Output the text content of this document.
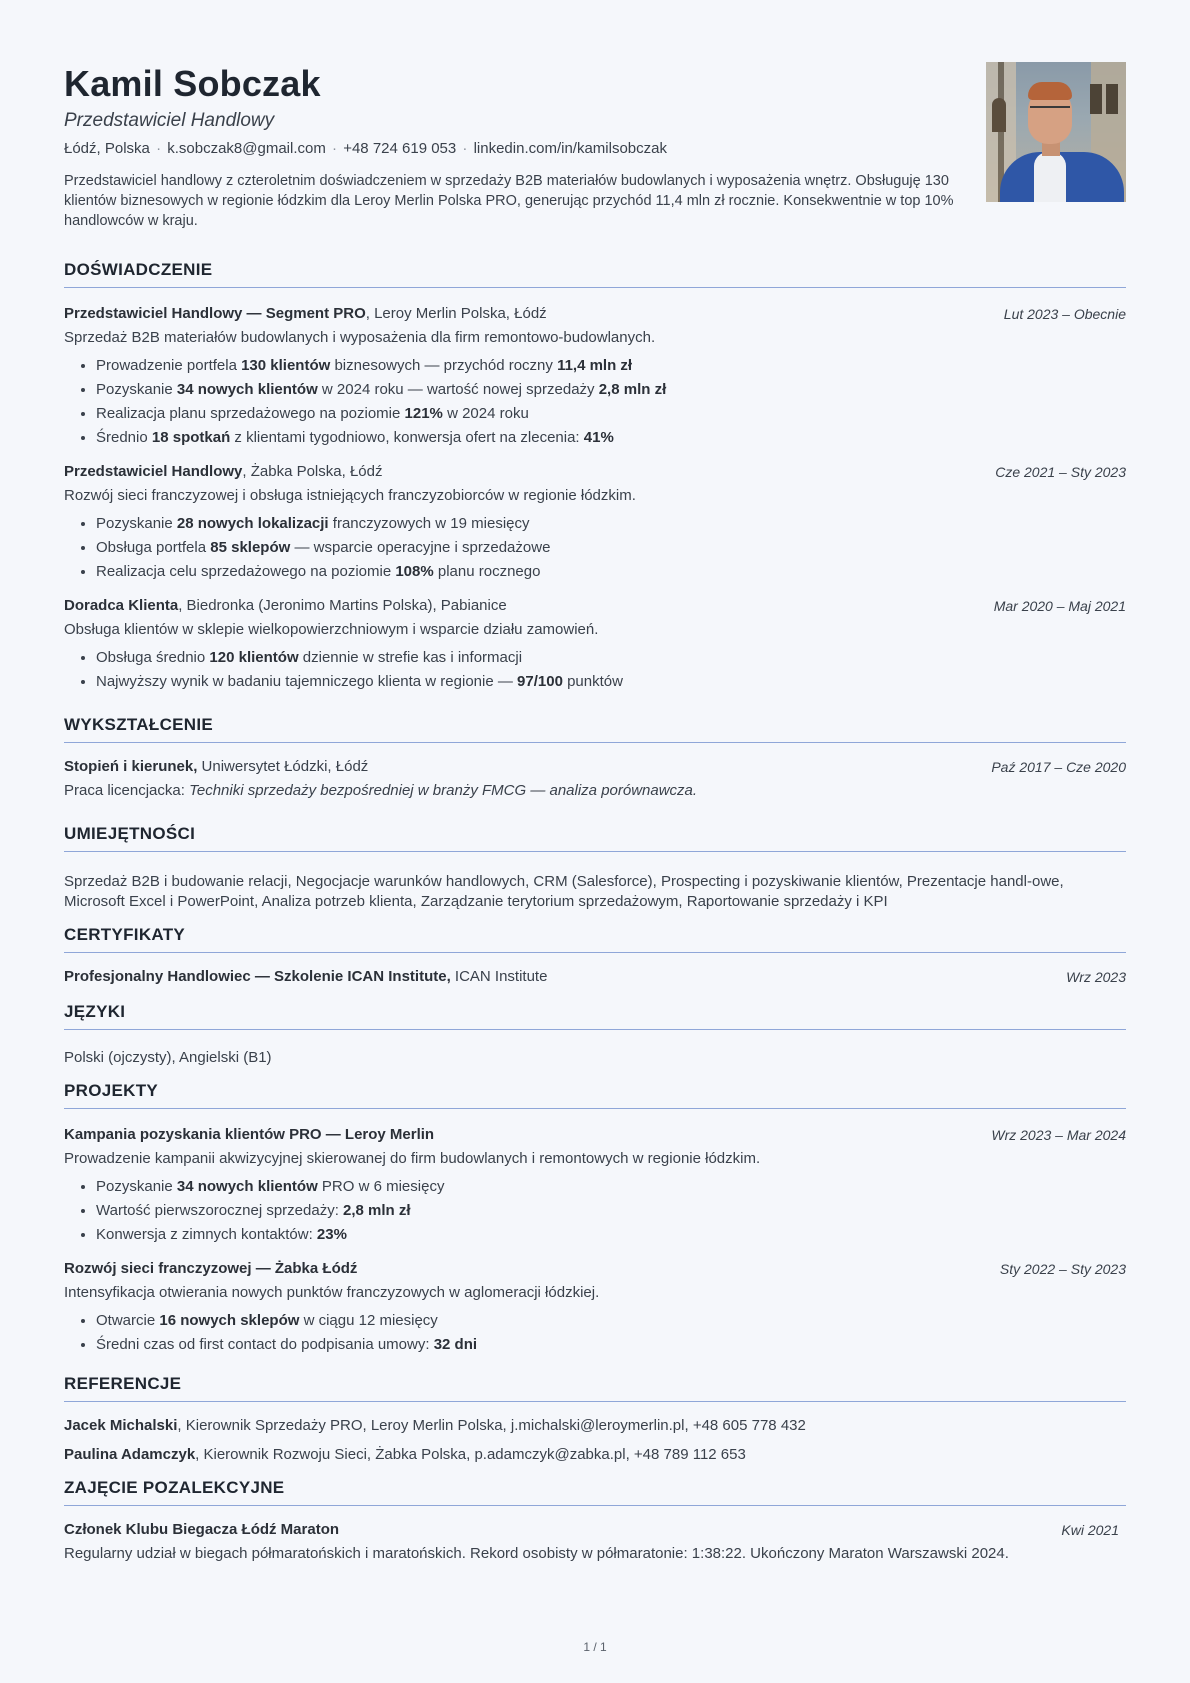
Kamil Sobczak
Przedstawiciel Handlowy
Łódź, Polska · k.sobczak8@gmail.com · +48 724 619 053 · linkedin.com/in/kamilsobczak
Przedstawiciel handlowy z czteroletnim doświadczeniem w sprzedaży B2B materiałów budowlanych i wyposażenia wnętrz. Obsługuję 130 klientów biznesowych w regionie łódzkim dla Leroy Merlin Polska PRO, generując przychód 11,4 mln zł rocznie. Konsekwentnie w top 10% handlowców w kraju.
DOŚWIADCZENIE
Przedstawiciel Handlowy — Segment PRO, Leroy Merlin Polska, Łódź	Lut 2023 – Obecnie
Sprzedaż B2B materiałów budowlanych i wyposażenia dla firm remontowo-budowlanych.
• Prowadzenie portfela 130 klientów biznesowych — przychód roczny 11,4 mln zł
• Pozyskanie 34 nowych klientów w 2024 roku — wartość nowej sprzedaży 2,8 mln zł
• Realizacja planu sprzedażowego na poziomie 121% w 2024 roku
• Średnio 18 spotkań z klientami tygodniowo, konwersja ofert na zlecenia: 41%
Przedstawiciel Handlowy, Żabka Polska, Łódź	Cze 2021 – Sty 2023
Rozwój sieci franczyzowej i obsługa istniejących franczyzobiorców w regionie łódzkim.
• Pozyskanie 28 nowych lokalizacji franczyzowych w 19 miesięcy
• Obsługa portfela 85 sklepów — wsparcie operacyjne i sprzedażowe
• Realizacja celu sprzedażowego na poziomie 108% planu rocznego
Doradca Klienta, Biedronka (Jeronimo Martins Polska), Pabianice	Mar 2020 – Maj 2021
Obsługa klientów w sklepie wielkopowierzchniowym i wsparcie działu zamowień.
• Obsługa średnio 120 klientów dziennie w strefie kas i informacji
• Najwyższy wynik w badaniu tajemniczego klienta w regionie — 97/100 punktów
WYKSZTAŁCENIE
Stopień i kierunek, Uniwersytet Łódzki, Łódź	Paź 2017 – Cze 2020
Praca licencjacka: Techniki sprzedaży bezpośredniej w branży FMCG — analiza porównawcza.
UMIEJĘTNOŚCI
Sprzedaż B2B i budowanie relacji, Negocjacje warunków handlowych, CRM (Salesforce), Prospecting i pozyskiwanie klientów, Prezentacje handl-owe, Microsoft Excel i PowerPoint, Analiza potrzeb klienta, Zarządzanie terytorium sprzedażowym, Raportowanie sprzedaży i KPI
CERTYFIKATY
Profesjonalny Handlowiec — Szkolenie ICAN Institute, ICAN Institute	Wrz 2023
JĘZYKI
Polski (ojczysty), Angielski (B1)
PROJEKTY
Kampania pozyskania klientów PRO — Leroy Merlin	Wrz 2023 – Mar 2024
Prowadzenie kampanii akwizycyjnej skierowanej do firm budowlanych i remontowych w regionie łódzkim.
• Pozyskanie 34 nowych klientów PRO w 6 miesięcy
• Wartość pierwszorocznej sprzedaży: 2,8 mln zł
• Konwersja z zimnych kontaktów: 23%
Rozwój sieci franczyzowej — Żabka Łódź	Sty 2022 – Sty 2023
Intensyfikacja otwierania nowych punktów franczyzowych w aglomeracji łódzkiej.
• Otwarcie 16 nowych sklepów w ciągu 12 miesięcy
• Średni czas od first contact do podpisania umowy: 32 dni
REFERENCJE
Jacek Michalski, Kierownik Sprzedaży PRO, Leroy Merlin Polska, j.michalski@leroymerlin.pl, +48 605 778 432
Paulina Adamczyk, Kierownik Rozwoju Sieci, Żabka Polska, p.adamczyk@zabka.pl, +48 789 112 653
ZAJĘCIE POZALEKCYJNE
Członek Klubu Biegacza Łódź Maraton	Kwi 2021
Regularny udział w biegach półmaratońskich i maratońskich. Rekord osobisty w półmaratonie: 1:38:22. Ukończony Maraton Warszawski 2024.
1 / 1
